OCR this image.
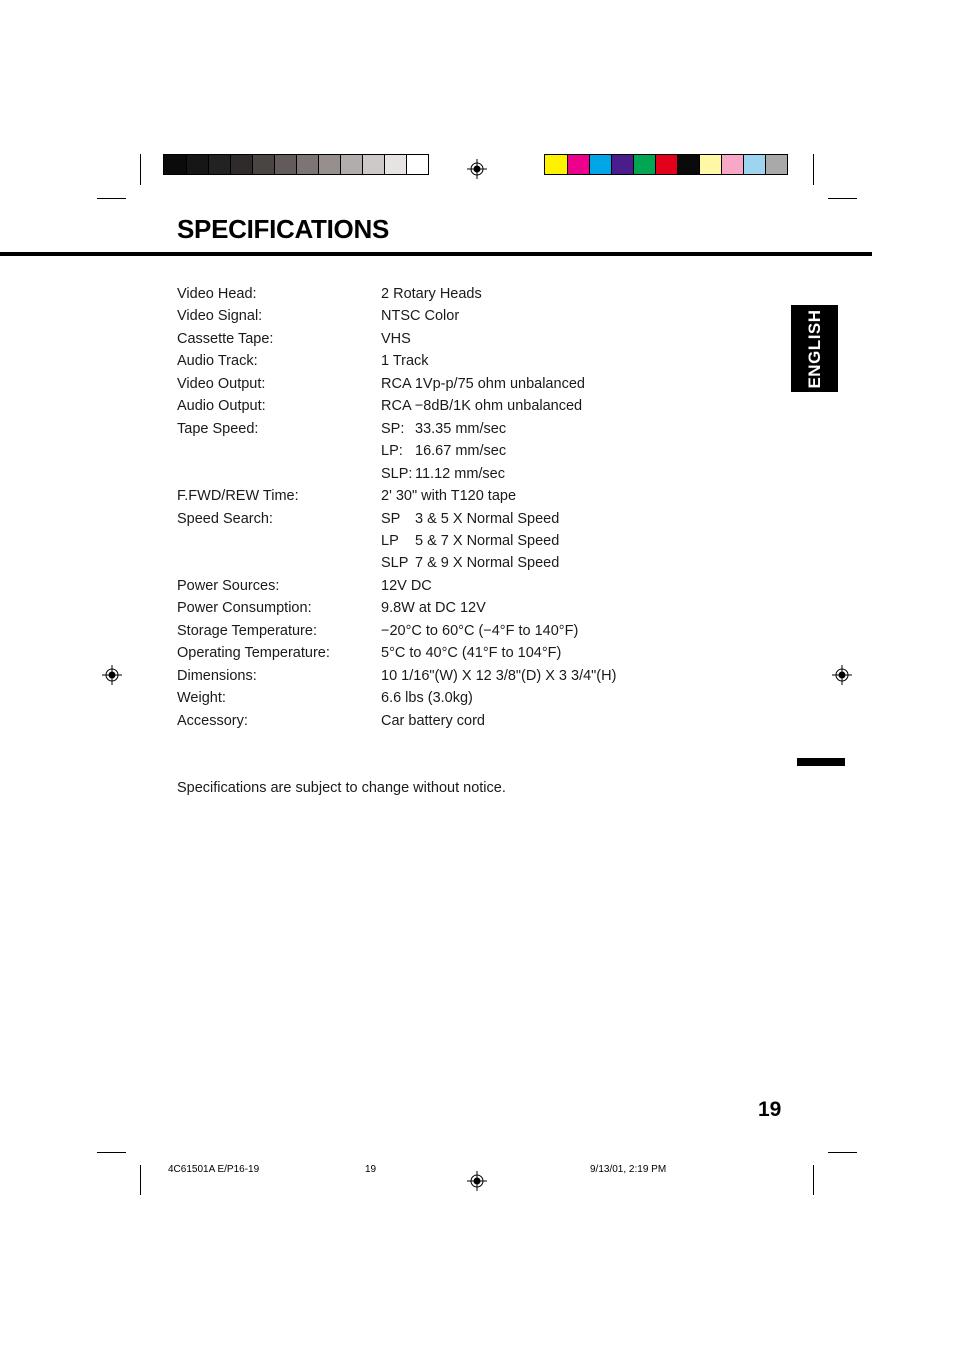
SPECIFICATIONS
ENGLISH
Video Head:	2 Rotary Heads
Video Signal:	NTSC Color
Cassette Tape:	VHS
Audio Track:	1 Track
Video Output:	RCA 1Vp-p/75 ohm unbalanced
Audio Output:	RCA −8dB/1K ohm unbalanced
Tape Speed:	SP: 33.35 mm/sec
LP: 16.67 mm/sec
SLP: 11.12 mm/sec
F.FWD/REW Time:	2' 30" with T120 tape
Speed Search:	SP 3 & 5 X Normal Speed
LP 5 & 7 X Normal Speed
SLP 7 & 9 X Normal Speed
Power Sources:	12V DC
Power Consumption:	9.8W at DC 12V
Storage Temperature:	−20°C to 60°C (−4°F to 140°F)
Operating Temperature:	5°C to 40°C (41°F to 104°F)
Dimensions:	10 1/16"(W) X 12 3/8"(D) X 3 3/4"(H)
Weight:	6.6 lbs (3.0kg)
Accessory:	Car battery cord
Specifications are subject to change without notice.
19
4C61501A E/P16-19	19	9/13/01, 2:19 PM
